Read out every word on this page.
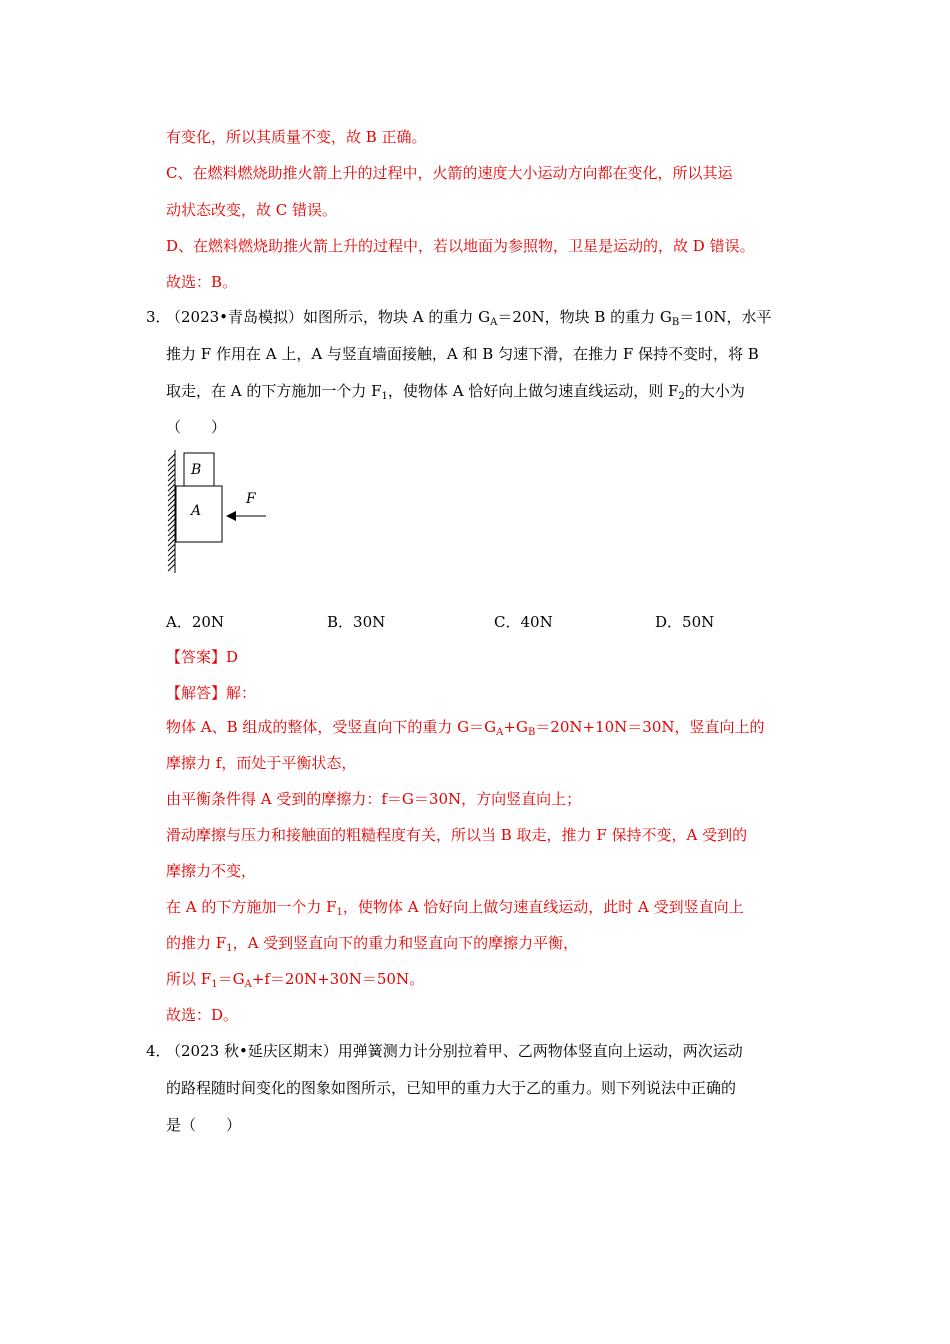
有变化，所以其质量不变，故 B 正确。
C、在燃料燃烧助推火箭上升的过程中，火箭的速度大小运动方向都在变化，所以其运
动状态改变，故 C 错误。
D、在燃料燃烧助推火箭上升的过程中，若以地面为参照物，卫星是运动的，故 D 错误。
故选：B。
3．
（2023•青岛模拟）如图所示，物块 A 的重力 $G_A=20N$，物块 B 的重力 $G_B=10N$，水平
推力 F 作用在 A 上，A 与竖直墙面接触，A 和 B 匀速下滑，在推力 F 保持不变时，将 B
取走，在 A 的下方施加一个力 $F_1$，使物体 A 恰好向上做匀速直线运动，则 $F_2$的大小为
（　　）
B
A
F
A．20N	B．30N	C．40N	D．50N
【答案】D
【解答】解：
物体 A、B 组成的整体，受竖直向下的重力 $G=G_A+G_B=20N+10N=30N$，竖直向上的
摩擦力 f，而处于平衡状态，
由平衡条件得 A 受到的摩擦力：f＝G＝30N，方向竖直向上；
滑动摩擦与压力和接触面的粗糙程度有关，所以当 B 取走，推力 F 保持不变，A 受到的
摩擦力不变，
在 A 的下方施加一个力 $F_1$，使物体 A 恰好向上做匀速直线运动，此时 A 受到竖直向上
的推力 $F_1$，A 受到竖直向下的重力和竖直向下的摩擦力平衡，
所以 $F_1=G_A+f=20N+30N=50N$。
故选：D。
4．
（2023 秋•延庆区期末）用弹簧测力计分别拉着甲、乙两物体竖直向上运动，两次运动
的路程随时间变化的图象如图所示，已知甲的重力大于乙的重力。则下列说法中正确的
是（　　）
